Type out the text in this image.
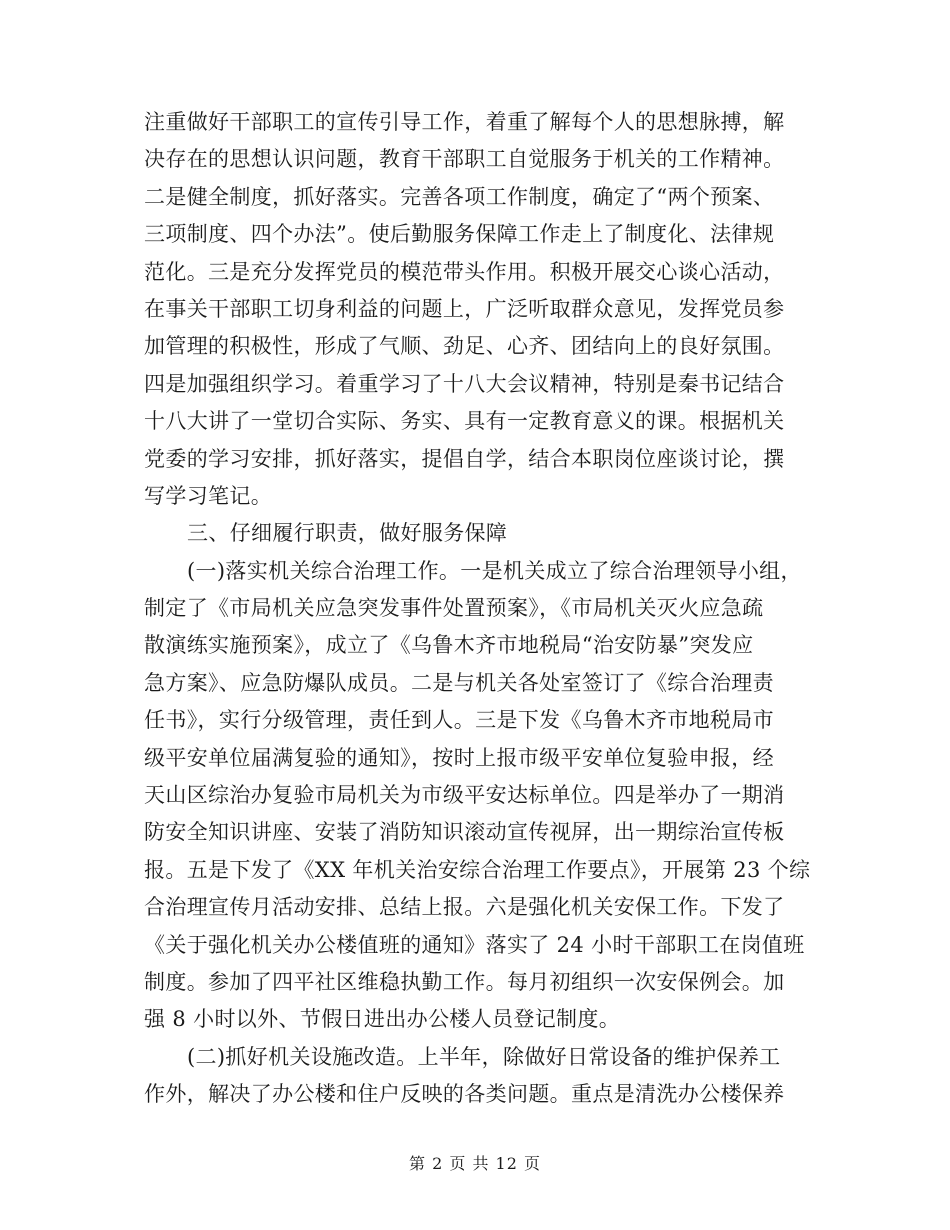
注重做好干部职工的宣传引导工作，着重了解每个人的思想脉搏，解
决存在的思想认识问题，教育干部职工自觉服务于机关的工作精神。
二是健全制度，抓好落实。完善各项工作制度，确定了“两个预案、
三项制度、四个办法”。使后勤服务保障工作走上了制度化、法律规
范化。三是充分发挥党员的模范带头作用。积极开展交心谈心活动，
在事关干部职工切身利益的问题上，广泛听取群众意见，发挥党员参
加管理的积极性，形成了气顺、劲足、心齐、团结向上的良好氛围。
四是加强组织学习。着重学习了十八大会议精神，特别是秦书记结合
十八大讲了一堂切合实际、务实、具有一定教育意义的课。根据机关
党委的学习安排，抓好落实，提倡自学，结合本职岗位座谈讨论，撰
写学习笔记。
三、仔细履行职责，做好服务保障
(一)落实机关综合治理工作。一是机关成立了综合治理领导小组，
制定了《市局机关应急突发事件处置预案》，《市局机关灭火应急疏
散演练实施预案》，成立了《乌鲁木齐市地税局“治安防暴”突发应
急方案》、应急防爆队成员。二是与机关各处室签订了《综合治理责
任书》，实行分级管理，责任到人。三是下发《乌鲁木齐市地税局市
级平安单位届满复验的通知》，按时上报市级平安单位复验申报，经
天山区综治办复验市局机关为市级平安达标单位。四是举办了一期消
防安全知识讲座、安装了消防知识滚动宣传视屏，出一期综治宣传板
报。五是下发了《XX 年机关治安综合治理工作要点》，开展第 23 个综
合治理宣传月活动安排、总结上报。六是强化机关安保工作。下发了
《关于强化机关办公楼值班的通知》落实了 24 小时干部职工在岗值班
制度。参加了四平社区维稳执勤工作。每月初组织一次安保例会。加
强 8 小时以外、节假日进出办公楼人员登记制度。
(二)抓好机关设施改造。上半年，除做好日常设备的维护保养工
作外，解决了办公楼和住户反映的各类问题。重点是清洗办公楼保养
第 2 页 共 12 页
